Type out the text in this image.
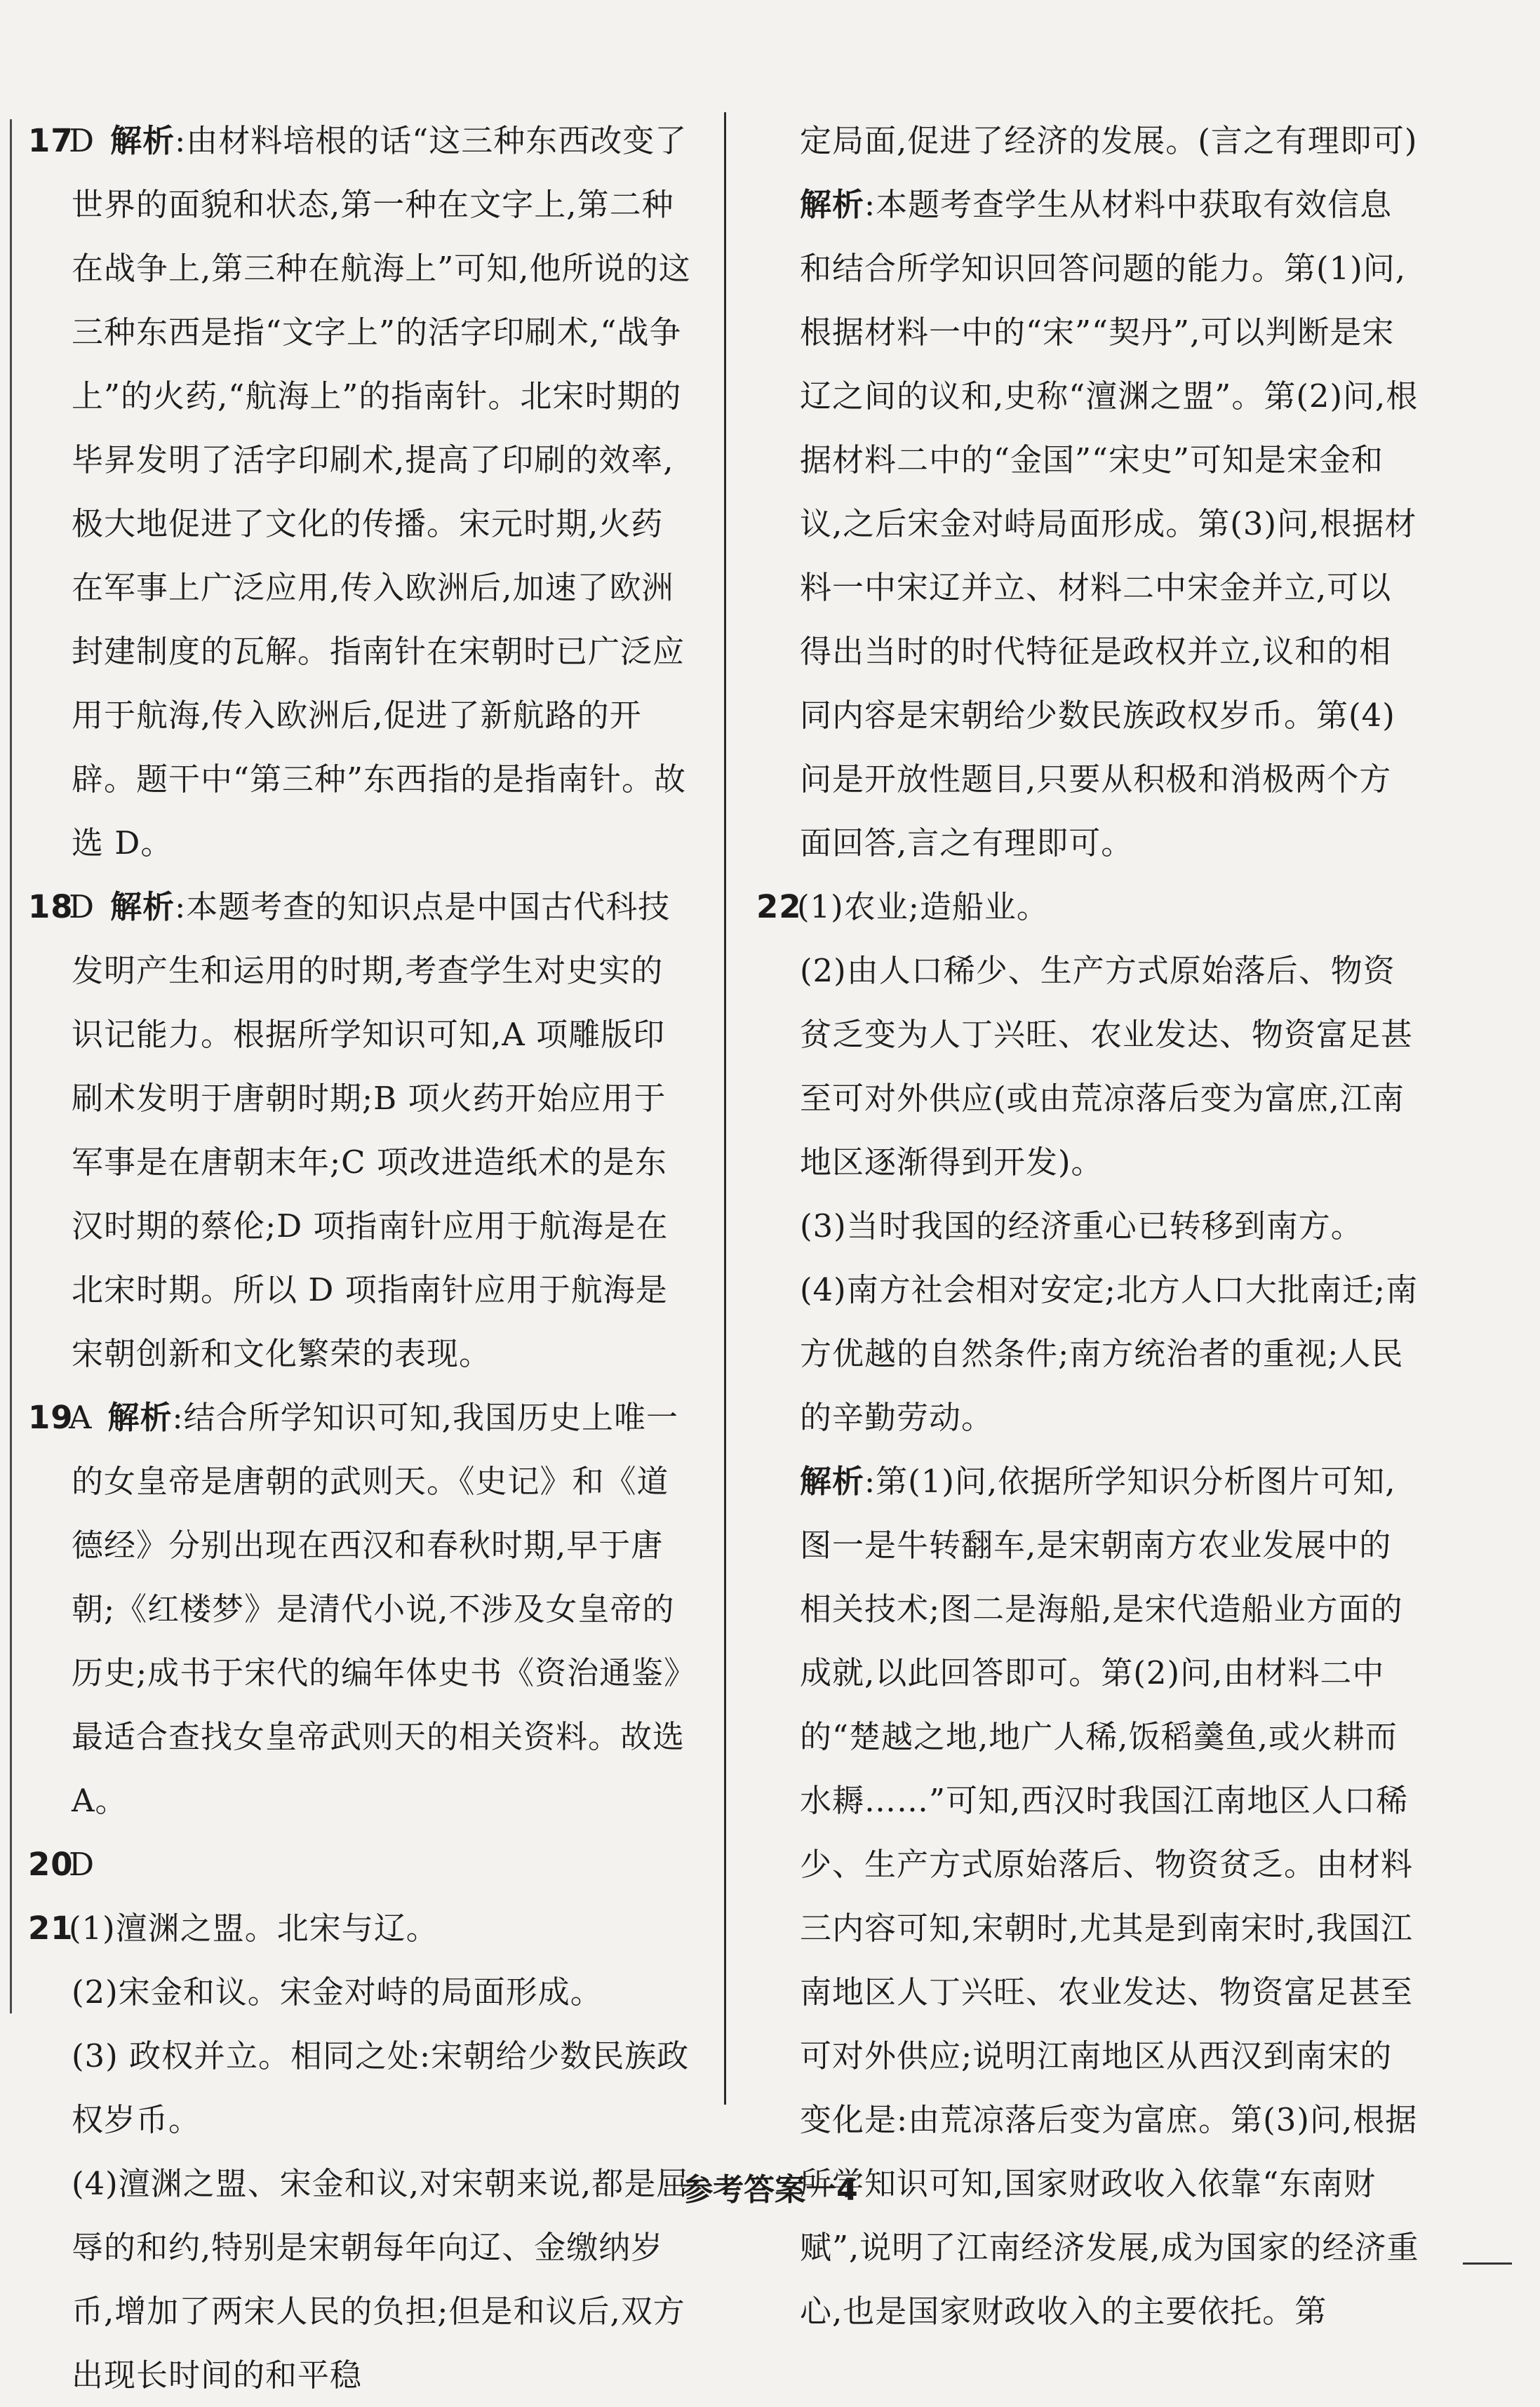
17D 解析:由材料培根的话“这三种东西改变了世界的面貌和状态,第一种在文字上,第二种在战争上,第三种在航海上”可知,他所说的这三种东西是指“文字上”的活字印刷术,“战争上”的火药,“航海上”的指南针。北宋时期的毕昇发明了活字印刷术,提高了印刷的效率,极大地促进了文化的传播。宋元时期,火药在军事上广泛应用,传入欧洲后,加速了欧洲封建制度的瓦解。指南针在宋朝时已广泛应用于航海,传入欧洲后,促进了新航路的开辟。题干中“第三种”东西指的是指南针。故选 D。

18D 解析:本题考查的知识点是中国古代科技发明产生和运用的时期,考查学生对史实的识记能力。根据所学知识可知,A 项雕版印刷术发明于唐朝时期;B 项火药开始应用于军事是在唐朝末年;C 项改进造纸术的是东汉时期的蔡伦;D 项指南针应用于航海是在北宋时期。所以 D 项指南针应用于航海是宋朝创新和文化繁荣的表现。

19A 解析:结合所学知识可知,我国历史上唯一的女皇帝是唐朝的武则天。《史记》和《道德经》分别出现在西汉和春秋时期,早于唐朝;《红楼梦》是清代小说,不涉及女皇帝的历史;成书于宋代的编年体史书《资治通鉴》最适合查找女皇帝武则天的相关资料。故选 A。

20D

21(1)澶渊之盟。北宋与辽。

(2)宋金和议。宋金对峙的局面形成。

(3) 政权并立。相同之处:宋朝给少数民族政权岁币。

(4)澶渊之盟、宋金和议,对宋朝来说,都是屈辱的和约,特别是宋朝每年向辽、金缴纳岁币,增加了两宋人民的负担;但是和议后,双方出现长时间的和平稳

定局面,促进了经济的发展。(言之有理即可)

解析:本题考查学生从材料中获取有效信息和结合所学知识回答问题的能力。第(1)问,根据材料一中的“宋”“契丹”,可以判断是宋辽之间的议和,史称“澶渊之盟”。第(2)问,根据材料二中的“金国”“宋史”可知是宋金和议,之后宋金对峙局面形成。第(3)问,根据材料一中宋辽并立、材料二中宋金并立,可以得出当时的时代特征是政权并立,议和的相同内容是宋朝给少数民族政权岁币。第(4)问是开放性题目,只要从积极和消极两个方面回答,言之有理即可。

22(1)农业;造船业。

(2)由人口稀少、生产方式原始落后、物资贫乏变为人丁兴旺、农业发达、物资富足甚至可对外供应(或由荒凉落后变为富庶,江南地区逐渐得到开发)。

(3)当时我国的经济重心已转移到南方。

(4)南方社会相对安定;北方人口大批南迁;南方优越的自然条件;南方统治者的重视;人民的辛勤劳动。

解析:第(1)问,依据所学知识分析图片可知,图一是牛转翻车,是宋朝南方农业发展中的相关技术;图二是海船,是宋代造船业方面的成就,以此回答即可。第(2)问,由材料二中的“楚越之地,地广人稀,饭稻羹鱼,或火耕而水耨……”可知,西汉时我国江南地区人口稀少、生产方式原始落后、物资贫乏。由材料三内容可知,宋朝时,尤其是到南宋时,我国江南地区人丁兴旺、农业发达、物资富足甚至可对外供应;说明江南地区从西汉到南宋的变化是:由荒凉落后变为富庶。第(3)问,根据所学知识可知,国家财政收入依靠“东南财赋”,说明了江南经济发展,成为国家的经济重心,也是国家财政收入的主要依托。第

参考答案一4
